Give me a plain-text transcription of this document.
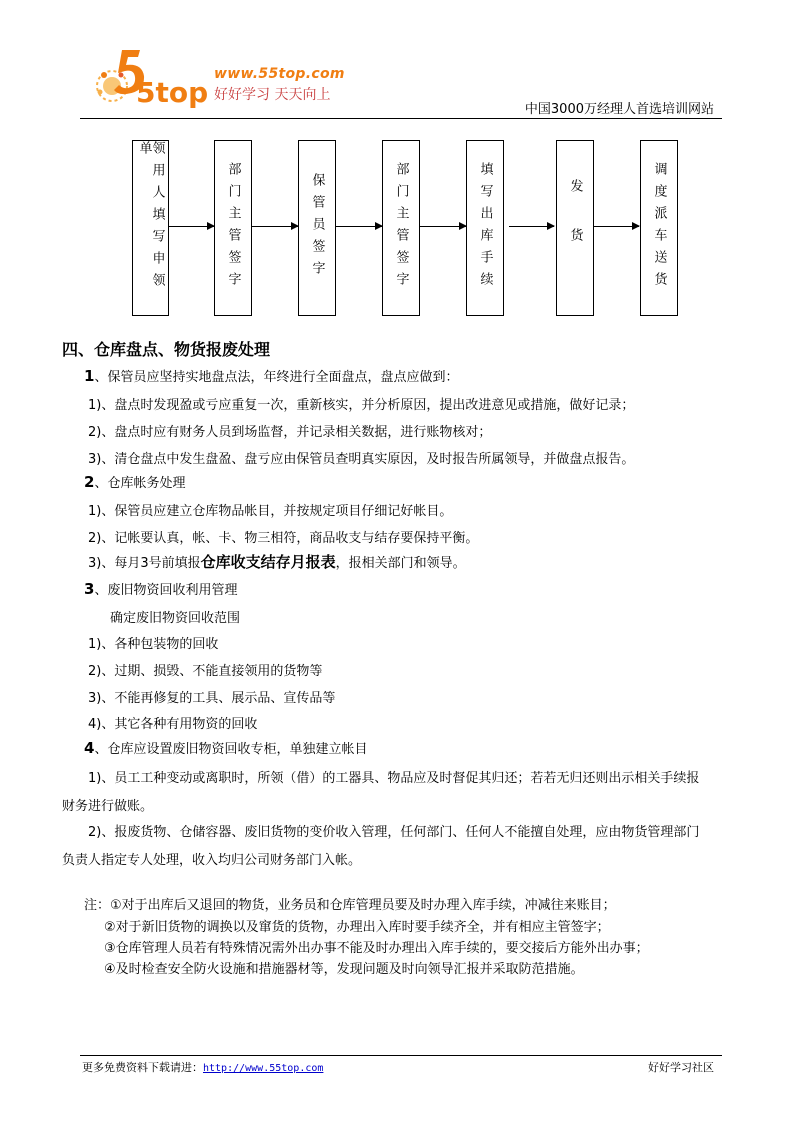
5top
www.55top.com
好好学习 天天向上
中国3000万经理人首选培训网站
领用人填写申领单
部门主管签字	保管员签字	部门主管签字	填写出库手续	发货	调度派车送货
四、仓库盘点、物货报废处理
1、保管员应坚持实地盘点法，年终进行全面盘点，盘点应做到：
1)、盘点时发现盈或亏应重复一次，重新核实，并分析原因，提出改进意见或措施，做好记录；
2)、盘点时应有财务人员到场监督，并记录相关数据，进行账物核对；
3)、清仓盘点中发生盘盈、盘亏应由保管员查明真实原因，及时报告所属领导，并做盘点报告。
2、仓库帐务处理
1)、保管员应建立仓库物品帐目，并按规定项目仔细记好帐目。
2)、记帐要认真，帐、卡、物三相符，商品收支与结存要保持平衡。
3)、每月3号前填报仓库收支结存月报表，报相关部门和领导。
3、废旧物资回收利用管理
确定废旧物资回收范围
1)、各种包装物的回收
2)、过期、损毁、不能直接领用的货物等
3)、不能再修复的工具、展示品、宣传品等
4)、其它各种有用物资的回收
4、仓库应设置废旧物资回收专柜，单独建立帐目
1)、员工工种变动或离职时，所领（借）的工器具、物品应及时督促其归还；若若无归还则出示相关手续报
财务进行做账。
2)、报废货物、仓储容器、废旧货物的变价收入管理，任何部门、任何人不能擅自处理，应由物货管理部门
负责人指定专人处理，收入均归公司财务部门入帐。
注：①对于出库后又退回的物货，业务员和仓库管理员要及时办理入库手续，冲减往来账目；
②对于新旧货物的调换以及窜货的货物，办理出入库时要手续齐全，并有相应主管签字；
③仓库管理人员若有特殊情况需外出办事不能及时办理出入库手续的，要交接后方能外出办事；
④及时检查安全防火设施和措施器材等，发现问题及时向领导汇报并采取防范措施。
更多免费资料下载请进：http://www.55top.com	好好学习社区
